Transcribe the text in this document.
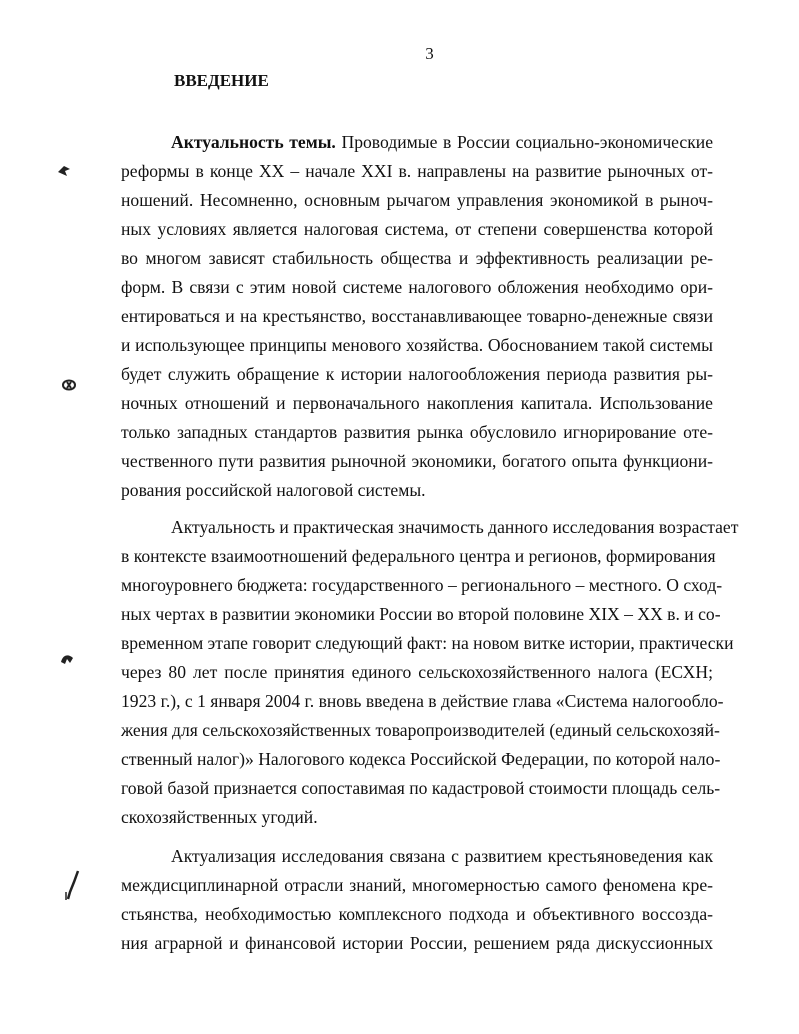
3
ВВЕДЕНИЕ
Актуальность темы. Проводимые в России социально-экономические
реформы в конце XX – начале XXI в. направлены на развитие рыночных от-
ношений. Несомненно, основным рычагом управления экономикой в рыноч-
ных условиях является налоговая система, от степени совершенства которой
во многом зависят стабильность общества и эффективность реализации ре-
форм. В связи с этим новой системе налогового обложения необходимо ори-
ентироваться и на крестьянство, восстанавливающее товарно-денежные связи
и использующее принципы менового хозяйства. Обоснованием такой системы
будет служить обращение к истории налогообложения периода развития ры-
ночных отношений и первоначального накопления капитала. Использование
только западных стандартов развития рынка обусловило игнорирование оте-
чественного пути развития рыночной экономики, богатого опыта функциони-
рования российской налоговой системы.
Актуальность и практическая значимость данного исследования возрастает
в контексте взаимоотношений федерального центра и регионов, формирования
многоуровнего бюджета: государственного – регионального – местного. О сход-
ных чертах в развитии экономики России во второй половине XIX – XX в. и со-
временном этапе говорит следующий факт: на новом витке истории, практически
через 80 лет после принятия единого сельскохозяйственного налога (ЕСХН;
1923 г.), с 1 января 2004 г. вновь введена в действие глава «Система налогообло-
жения для сельскохозяйственных товаропроизводителей (единый сельскохозяй-
ственный налог)» Налогового кодекса Российской Федерации, по которой нало-
говой базой признается сопоставимая по кадастровой стоимости площадь сель-
скохозяйственных угодий.
Актуализация исследования связана с развитием крестьяноведения как
междисциплинарной отрасли знаний, многомерностью самого феномена кре-
стьянства, необходимостью комплексного подхода и объективного воссозда-
ния аграрной и финансовой истории России, решением ряда дискуссионных
